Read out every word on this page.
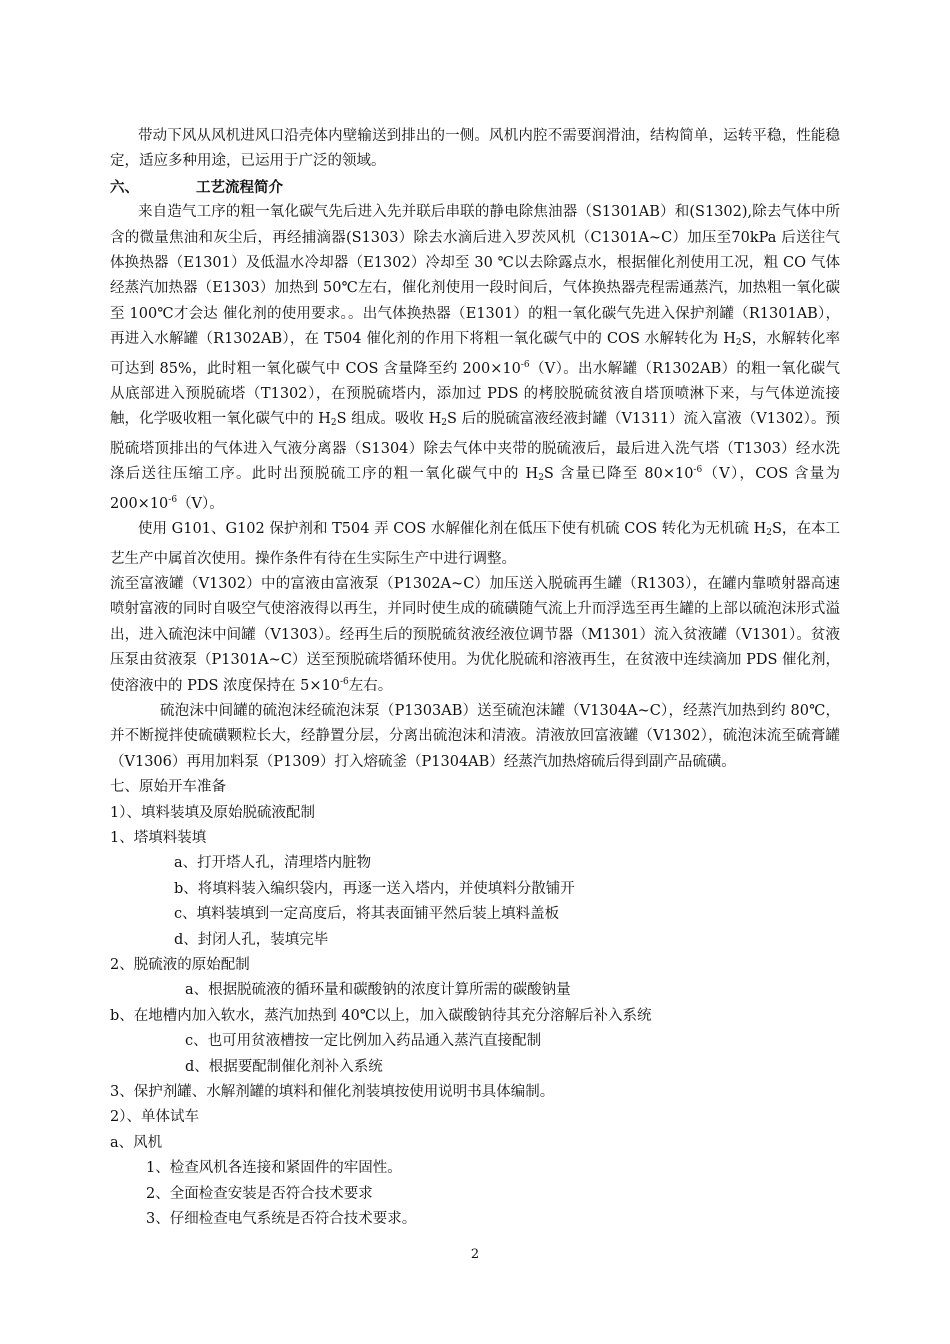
带动下风从风机进风口沿壳体内壁输送到排出的一侧。风机内腔不需要润滑油，结构简单，运转平稳，性能稳定，适应多种用途，已运用于广泛的领域。

六、	工艺流程简介

来自造气工序的粗一氧化碳气先后进入先并联后串联的静电除焦油器（S1301AB）和(S1302),除去气体中所含的微量焦油和灰尘后，再经捕滴器(S1303）除去水滴后进入罗茨风机（C1301A~C）加压至70kPa 后送往气体换热器（E1301）及低温水冷却器（E1302）冷却至 30 ℃以去除露点水，根据催化剂使用工况，粗 CO 气体经蒸汽加热器（E1303）加热到 50℃左右，催化剂使用一段时间后，气体换热器壳程需通蒸汽，加热粗一氧化碳至 100℃才会达 催化剂的使用要求。。出气体换热器（E1301）的粗一氧化碳气先进入保护剂罐（R1301AB），再进入水解罐（R1302AB），在 T504 催化剂的作用下将粗一氧化碳气中的 COS 水解转化为 $H_2S$，水解转化率可达到 85%，此时粗一氧化碳气中 COS 含量降至约 $200\times 10^{-6}(V)$。出水解罐（R1302AB）的粗一氧化碳气从底部进入预脱硫塔（T1302），在预脱硫塔内，添加过 PDS 的栲胶脱硫贫液自塔顶喷淋下来，与气体逆流接触，化学吸收粗一氧化碳气中的 $H_2S$ 组成。吸收 $H_2S$ 后的脱硫富液经液封罐（V1311）流入富液（V1302）。预脱硫塔顶排出的气体进入气液分离器（S1304）除去气体中夹带的脱硫液后，最后进入洗气塔（T1303）经水洗涤后送往压缩工序。此时出预脱硫工序的粗一氧化碳气中的 $H_2S$ 含量已降至 $80\times 10^{-6}(V)$，COS 含量为 $200\times 10^{-6}(V)$。

使用 G101、G102 保护剂和 T504 弄 COS 水解催化剂在低压下使有机硫 COS 转化为无机硫 $H_2S$，在本工艺生产中属首次使用。操作条件有待在生实际生产中进行调整。

流至富液罐（V1302）中的富液由富液泵（P1302A~C）加压送入脱硫再生罐（R1303），在罐内靠喷射器高速喷射富液的同时自吸空气使溶液得以再生，并同时使生成的硫磺随气流上升而浮选至再生罐的上部以硫泡沫形式溢出，进入硫泡沫中间罐（V1303）。经再生后的预脱硫贫液经液位调节器（M1301）流入贫液罐（V1301）。贫液压泵由贫液泵（P1301A~C）送至预脱硫塔循环使用。为优化脱硫和溶液再生，在贫液中连续滴加 PDS 催化剂，使溶液中的 PDS 浓度保持在 $5\times 10^{-6}$左右。

硫泡沫中间罐的硫泡沫经硫泡沫泵（P1303AB）送至硫泡沫罐（V1304A~C），经蒸汽加热到约 80℃，并不断搅拌使硫磺颗粒长大，经静置分层，分离出硫泡沫和清液。清液放回富液罐（V1302），硫泡沫流至硫膏罐（V1306）再用加料泵（P1309）打入熔硫釜（P1304AB）经蒸汽加热熔硫后得到副产品硫磺。

七、原始开车准备

1）、填料装填及原始脱硫液配制

1、塔填料装填

a、打开塔人孔，清理塔内脏物

b、将填料装入编织袋内，再逐一送入塔内，并使填料分散铺开

c、填料装填到一定高度后，将其表面铺平然后装上填料盖板

d、封闭人孔，装填完毕

2、脱硫液的原始配制

a、根据脱硫液的循环量和碳酸钠的浓度计算所需的碳酸钠量

b、在地槽内加入软水，蒸汽加热到 40℃以上，加入碳酸钠待其充分溶解后补入系统

c、也可用贫液槽按一定比例加入药品通入蒸汽直接配制

d、根据要配制催化剂补入系统

3、保护剂罐、水解剂罐的填料和催化剂装填按使用说明书具体编制。

2）、单体试车

a、风机

1、检查风机各连接和紧固件的牢固性。

2、全面检查安装是否符合技术要求

3、仔细检查电气系统是否符合技术要求。

2
